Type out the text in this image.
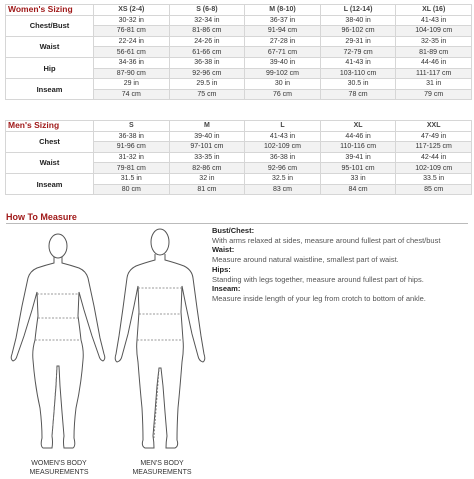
Women's Sizing	XS (2-4)	S (6-8)	M (8-10)	L (12-14)	XL (16)
Chest/Bust	30-32 in	32-34 in	36-37 in	38-40 in	41-43 in
	76-81 cm	81-86 cm	91-94 cm	96-102 cm	104-109 cm
Waist	22-24 in	24-26 in	27-28 in	29-31 in	32-35 in
	56-61 cm	61-66 cm	67-71 cm	72-79 cm	81-89 cm
Hip	34-36 in	36-38 in	39-40 in	41-43 in	44-46 in
	87-90 cm	92-96 cm	99-102 cm	103-110 cm	111-117 cm
Inseam	29 in	29.5 in	30 in	30.5 in	31 in
	74 cm	75 cm	76 cm	78 cm	79 cm
Men's Sizing	S	M	L	XL	XXL
Chest	36-38 in	39-40 in	41-43 in	44-46 in	47-49 in
	91-96 cm	97-101 cm	102-109 cm	110-116 cm	117-125 cm
Waist	31-32 in	33-35 in	36-38 in	39-41 in	42-44 in
	79-81 cm	82-86 cm	92-96 cm	95-101 cm	102-109 cm
Inseam	31.5 in	32 in	32.5 in	33 in	33.5 in
	80 cm	81 cm	83 cm	84 cm	85 cm
How To Measure
WOMEN'S BODY
MEASUREMENTS
MEN'S BODY
MEASUREMENTS
Bust/Chest:
With arms relaxed at sides, measure around fullest part of chest/bust
Waist:
Measure around natural waistline, smallest part of waist.
Hips:
Standing with legs together, measure around fullest part of hips.
Inseam:
Measure inside length of your leg from crotch to bottom of ankle.
